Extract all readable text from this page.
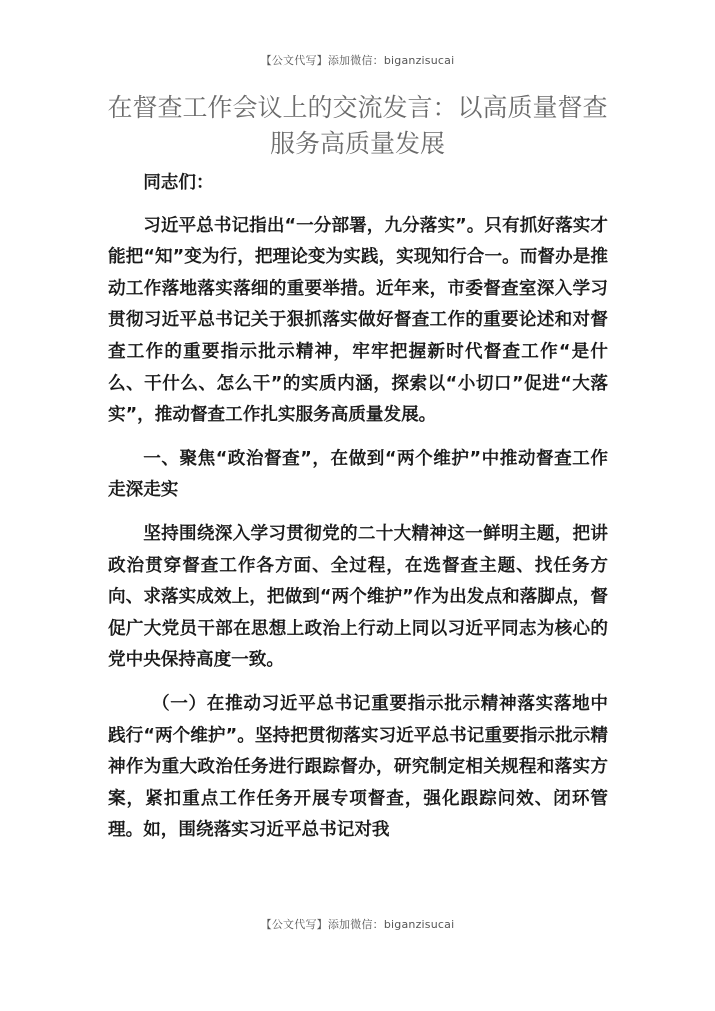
【公文代写】添加微信：biganzisucai
在督查工作会议上的交流发言：以高质量督查服务高质量发展

同志们：

习近平总书记指出“一分部署，九分落实”。只有抓好落实才能把“知”变为行，把理论变为实践，实现知行合一。而督办是推动工作落地落实落细的重要举措。近年来，市委督查室深入学习贯彻习近平总书记关于狠抓落实做好督查工作的重要论述和对督查工作的重要指示批示精神，牢牢把握新时代督查工作“是什么、干什么、怎么干”的实质内涵，探索以“小切口”促进“大落实”，推动督查工作扎实服务高质量发展。

一、聚焦“政治督查”，在做到“两个维护”中推动督查工作走深走实

坚持围绕深入学习贯彻党的二十大精神这一鲜明主题，把讲政治贯穿督查工作各方面、全过程，在选督查主题、找任务方向、求落实成效上，把做到“两个维护”作为出发点和落脚点，督促广大党员干部在思想上政治上行动上同以习近平同志为核心的党中央保持高度一致。

（一）在推动习近平总书记重要指示批示精神落实落地中践行“两个维护”。坚持把贯彻落实习近平总书记重要指示批示精神作为重大政治任务进行跟踪督办，研究制定相关规程和落实方案，紧扣重点工作任务开展专项督查，强化跟踪问效、闭环管理。如，围绕落实习近平总书记对我

【公文代写】添加微信：biganzisucai
